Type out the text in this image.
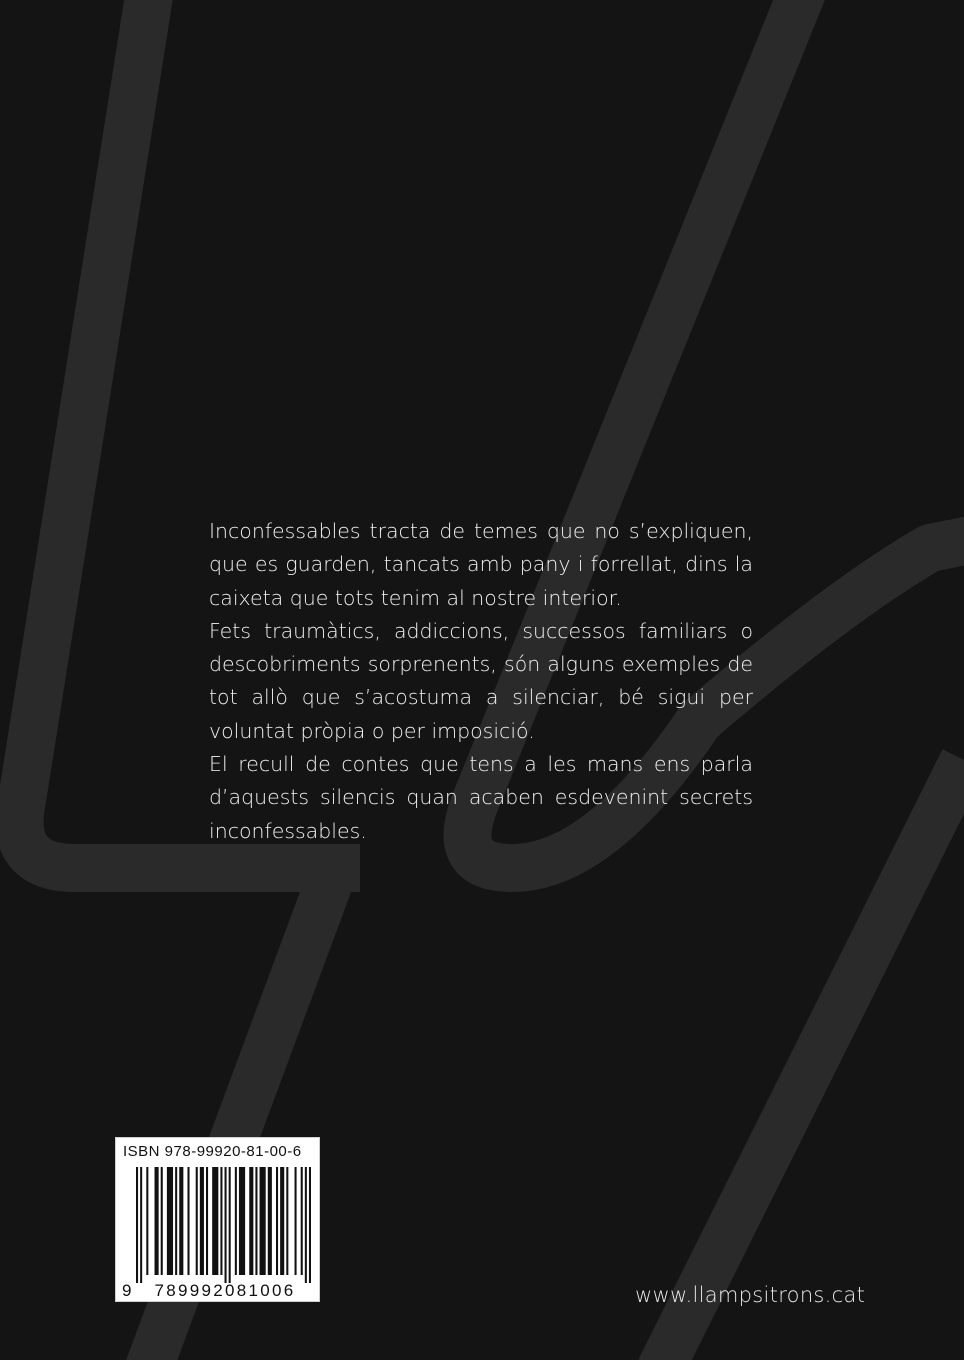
Inconfessables tracta de temes que no s’expliquen, que es guarden, tancats amb pany i forrellat, dins la caixeta que tots tenim al nostre interior.

Fets traumàtics, addiccions, successos familiars o descobriments sorprenents, són alguns exemples de tot allò que s’acostuma a silenciar, bé sigui per voluntat pròpia o per imposició.

El recull de contes que tens a les mans ens parla d’aquests silencis quan acaben esdevenint secrets inconfessables.

ISBN 978-99920-81-00-6
9	789992081006	www.llampsitrons.cat
